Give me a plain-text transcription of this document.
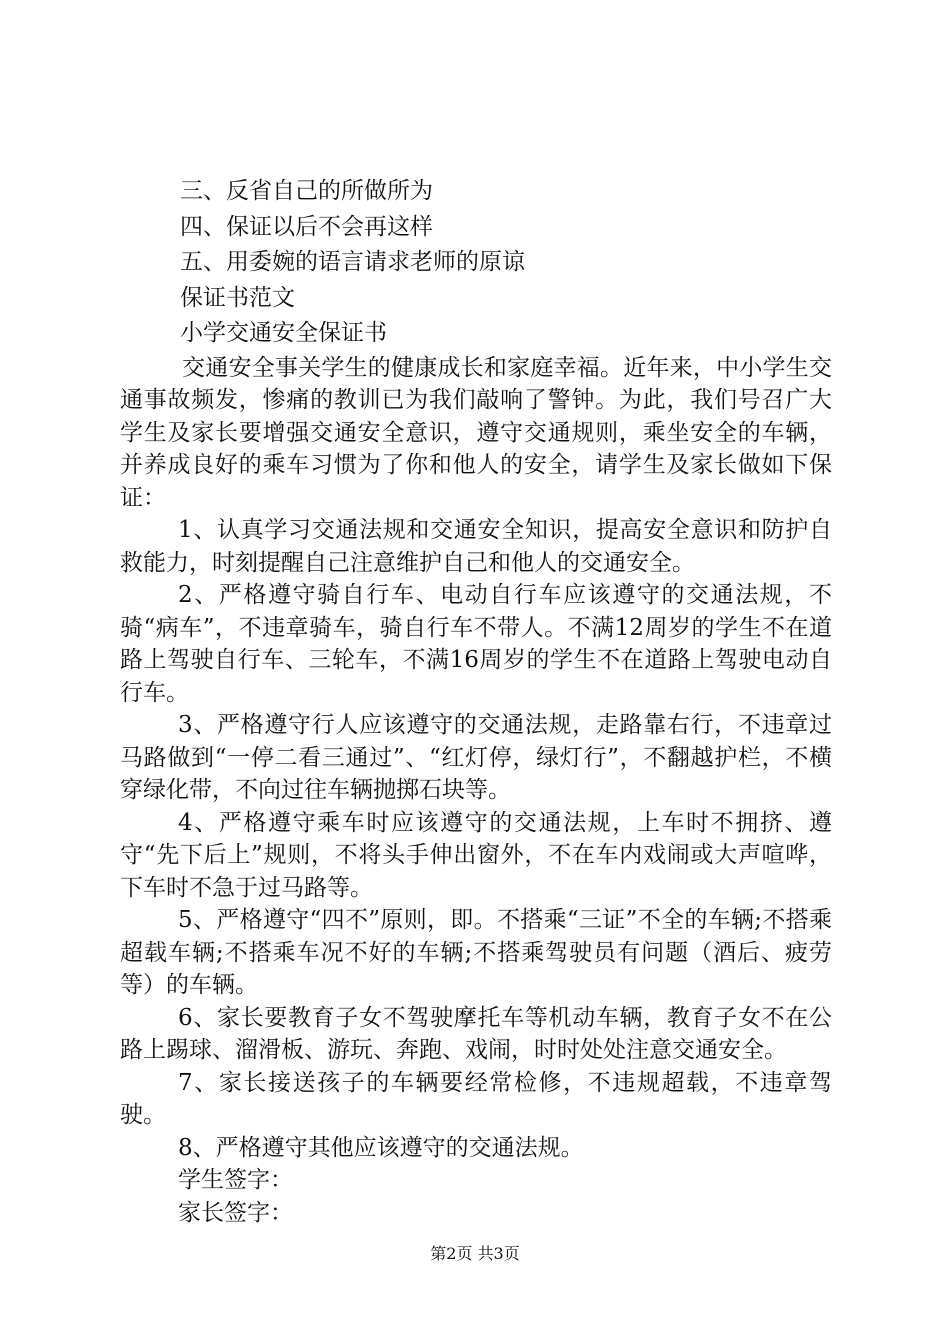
三、反省自己的所做所为

四、保证以后不会再这样

五、用委婉的语言请求老师的原谅

保证书范文

小学交通安全保证书

交通安全事关学生的健康成长和家庭幸福。近年来，中小学生交通事故频发，惨痛的教训已为我们敲响了警钟。为此，我们号召广大学生及家长要增强交通安全意识，遵守交通规则，乘坐安全的车辆，并养成良好的乘车习惯为了你和他人的安全，请学生及家长做如下保证：

1、认真学习交通法规和交通安全知识，提高安全意识和防护自救能力，时刻提醒自己注意维护自己和他人的交通安全。

2、严格遵守骑自行车、电动自行车应该遵守的交通法规，不骑“病车”，不违章骑车，骑自行车不带人。不满12周岁的学生不在道路上驾驶自行车、三轮车，不满16周岁的学生不在道路上驾驶电动自行车。

3、严格遵守行人应该遵守的交通法规，走路靠右行，不违章过马路做到“一停二看三通过”、“红灯停，绿灯行”，不翻越护栏，不横穿绿化带，不向过往车辆抛掷石块等。

4、严格遵守乘车时应该遵守的交通法规，上车时不拥挤、遵守“先下后上”规则，不将头手伸出窗外，不在车内戏闹或大声喧哗，下车时不急于过马路等。

5、严格遵守“四不”原则，即。不搭乘“三证”不全的车辆;不搭乘超载车辆;不搭乘车况不好的车辆;不搭乘驾驶员有问题（酒后、疲劳等）的车辆。

6、家长要教育子女不驾驶摩托车等机动车辆，教育子女不在公路上踢球、溜滑板、游玩、奔跑、戏闹，时时处处注意交通安全。

7、家长接送孩子的车辆要经常检修，不违规超载，不违章驾驶。

8、严格遵守其他应该遵守的交通法规。

学生签字：

家长签字：

第2页 共3页
